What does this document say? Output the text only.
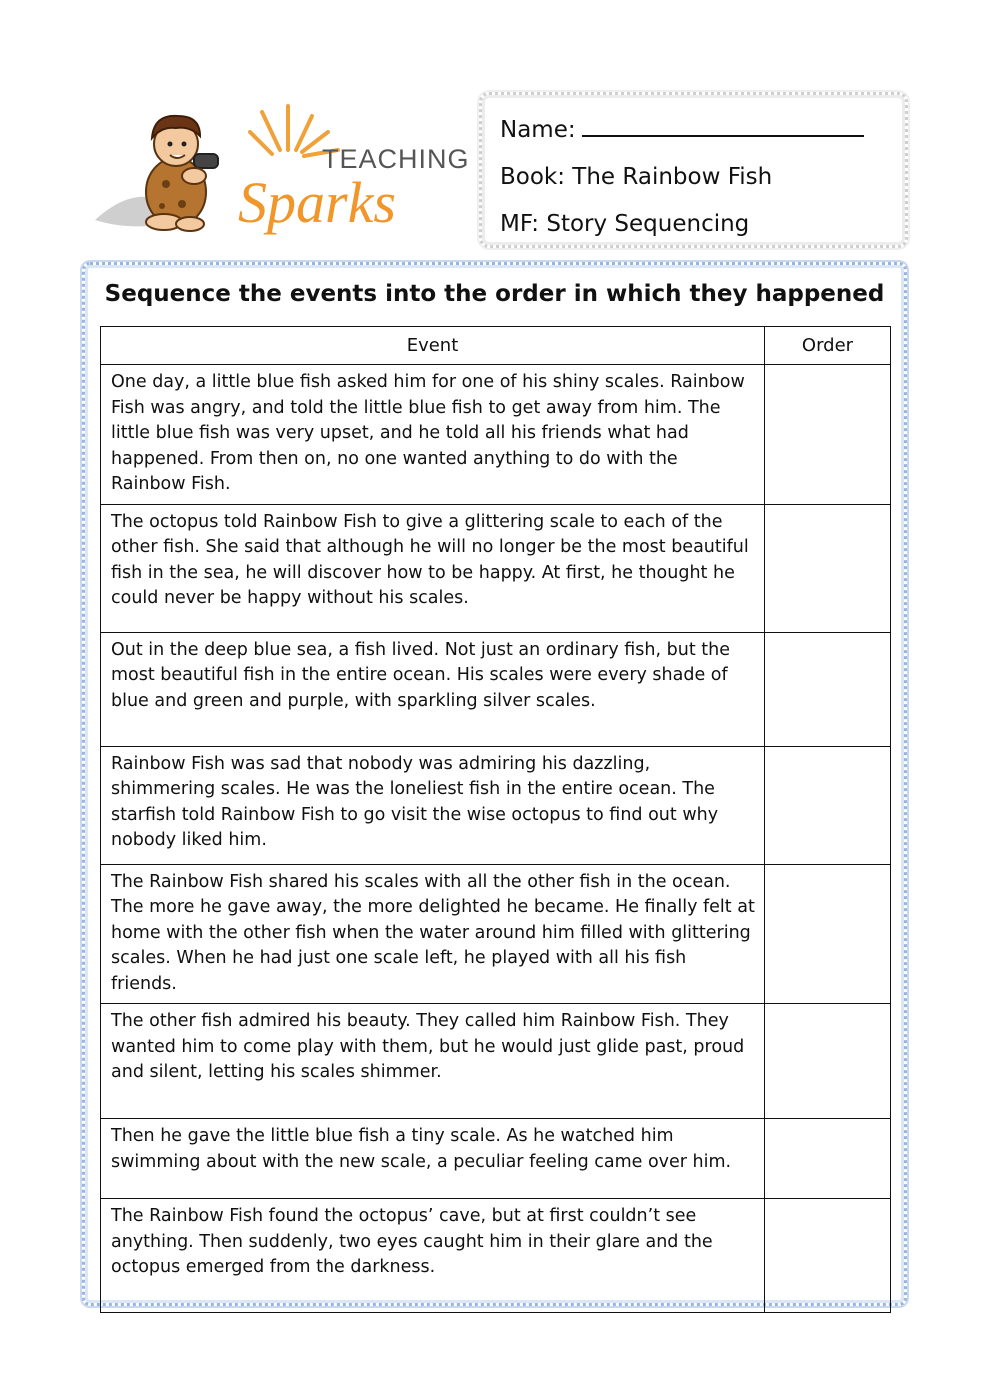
TEACHING
Sparks
Name:
Book: The Rainbow Fish
MF: Story Sequencing
Sequence the events into the order in which they happened
Event	Order
One day, a little blue fish asked him for one of his shiny scales. Rainbow Fish was angry, and told the little blue fish to get away from him. The little blue fish was very upset, and he told all his friends what had happened. From then on, no one wanted anything to do with the Rainbow Fish.	
The octopus told Rainbow Fish to give a glittering scale to each of the other fish. She said that although he will no longer be the most beautiful fish in the sea, he will discover how to be happy. At first, he thought he could never be happy without his scales.	
Out in the deep blue sea, a fish lived. Not just an ordinary fish, but the most beautiful fish in the entire ocean. His scales were every shade of blue and green and purple, with sparkling silver scales.	
Rainbow Fish was sad that nobody was admiring his dazzling, shimmering scales. He was the loneliest fish in the entire ocean. The starfish told Rainbow Fish to go visit the wise octopus to find out why nobody liked him.	
The Rainbow Fish shared his scales with all the other fish in the ocean. The more he gave away, the more delighted he became. He finally felt at home with the other fish when the water around him filled with glittering scales. When he had just one scale left, he played with all his fish friends.	
The other fish admired his beauty. They called him Rainbow Fish. They wanted him to come play with them, but he would just glide past, proud and silent, letting his scales shimmer.	
Then he gave the little blue fish a tiny scale. As he watched him swimming about with the new scale, a peculiar feeling came over him.	
The Rainbow Fish found the octopus’ cave, but at first couldn’t see anything. Then suddenly, two eyes caught him in their glare and the octopus emerged from the darkness.	
